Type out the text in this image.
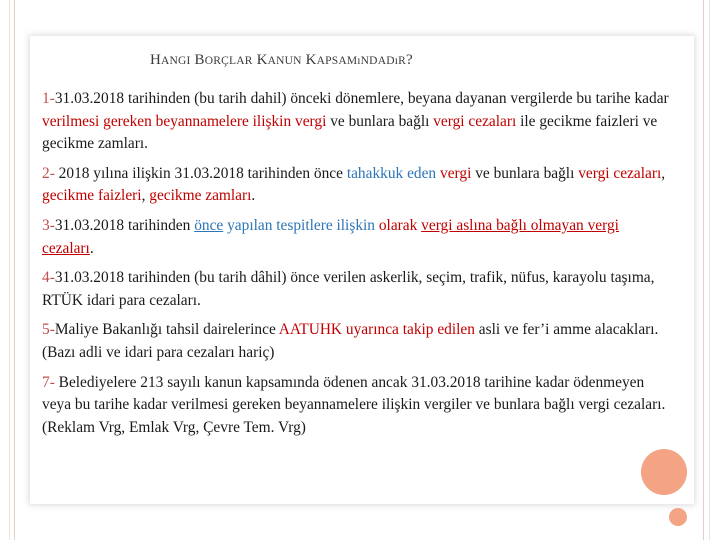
HANGI BORÇLAR KANUN KAPSAMıNDADıR?

1-31.03.2018 tarihinden (bu tarih dahil) önceki dönemlere, beyana dayanan vergilerde bu tarihe kadar verilmesi gereken beyannamelere ilişkin vergi ve bunlara bağlı vergi cezaları ile gecikme faizleri ve gecikme zamları.

2- 2018 yılına ilişkin 31.03.2018 tarihinden önce tahakkuk eden vergi ve bunlara bağlı vergi cezaları, gecikme faizleri, gecikme zamları.

3-31.03.2018 tarihinden önce yapılan tespitlere ilişkin olarak vergi aslına bağlı olmayan vergi cezaları.

4-31.03.2018 tarihinden (bu tarih dâhil) önce verilen askerlik, seçim, trafik, nüfus, karayolu taşıma, RTÜK idari para cezaları.

5-Maliye Bakanlığı tahsil dairelerince AATUHK uyarınca takip edilen asli ve fer’i amme alacakları. (Bazı adli ve idari para cezaları hariç)

7- Belediyelere 213 sayılı kanun kapsamında ödenen ancak 31.03.2018 tarihine kadar ödenmeyen veya bu tarihe kadar verilmesi gereken beyannamelere ilişkin vergiler ve bunlara bağlı vergi cezaları. (Reklam Vrg, Emlak Vrg, Çevre Tem. Vrg)
